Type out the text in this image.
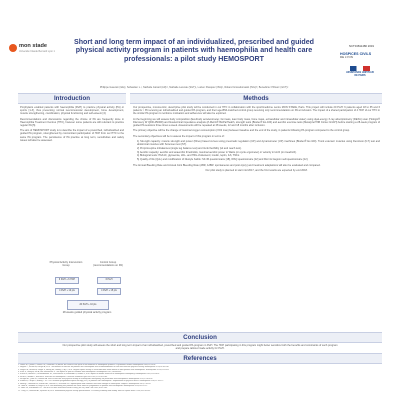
mon stade
Université Claude Bernard Lyon 1
Short and long term impact of an individualized, prescribed and guided physical activity program in patients with haemophilia and health care professionals: a pilot study HEMOSPORT
Philippe Gauvain (GE)¹, Sébastien L.¹, Nathalie Gérard (LR)¹², Nathalie Lacoste (SGT)¹, Lucien Pasquier (ISG)², Roland Grossdomaski (ISG)³², Benedicte O'Rourc (GCT)²
NCT04811480 2019
HOSPICES CIVILS
DE LYON
ASSISTANCE HÔPITAUX DE PARIS
Introduction

Prophylaxis enabled patients with haemophilia (PwH) to practice physical activity (PA) or sports [1-3], thus preventing normal neuromuscular development, bone development, muscle strengthening, coordination, physical functioning and self-esteem [4].

Recommendations and discussions regarding the choice of PA are frequently done in Haemophilia Treatment Centres (HTC), however some patients are still reluctant to practice regular PA [5].

The aim of HEMOSPORT study is to describe the impact of a prescribed, individualized and guided PA program, strengthened by concomitant participation of HCP from our HTC to the same PA program. The persistence of PA practice at long term, sensitivities and safety issues will also be assessed.

Physical Activity Intervention Group
Control Group (recommendations on PA)
6 PwH + 6 HCP	6 PwH
4 PwH + 10 pts	4 PwH + 15 pts
20 PwH + 10 pts
28 weeks guided physical activity program
Methods

Our prospective, monocentric, descriptive pilot study will be conducted in our HTC in collaboration with the sport/medicine centre MON STADE, Paris. This project will include 20 PwH: 6 patients aged 18 to 35 and 6 patients > 35 receiving an individualized and guided PA program, and their age-BMI-matched control group receiving only recommendations on PA at inclusion. The impact of a shared participation of 4 HCP of our HTC in the similar PA program to reinforce motivation and adherence will also be explored.

At the beginning we will assess body composition (Everbody accelerometer, fat mass, lean body mass, bone mass, extracellular and intracellular water) using dual-energy X-ray absorptiometry (DEXA) scan (Hologic® Discovery W QDR-4500W) and bioelectrical impedance analysis (Z-Metrix® BioParHealth, strength tests (Biodex® Ex-100) and aerobic exercise tests (Metalyzer®3B Cortex GmbH) before starting a 28-week program of guided PA sessions three times a week. Assessments will be repeated at 28 weeks, 12 and 18 months after inclusion.

The primary objective will be the change of maximal oxygen consumption (VO2 max) between baseline and the end of the study, in patients following PA program compared to the control group.

The secondary objectives will be to assess the impact of this program in terms of:

1) Strength capacity: muscle strength and power (fibres) based curves using pneumatic regulation (UP) and dynamometer (UP) machines (Biodex® Ex-100). Trunk extensor muscles using Dennison (ILT) test and abdominal muscles with Sorensen test (ST).
2) Proprioceptive imbalances (single leg balance test) and trunk flexibility (sit and reach test).
3) Aerobic capacity: aerobic and anaerobic thresholds, maximal aerobic power in Watts (on cycle ergometer) or velocity in km/h (on treadmill).
4) Biological tests: HbA1C, glycaemia, LDL- and HDL-cholesterol, insulin, leptin, IL6, TNFα.
5) Quality of life (QoL) and modification of lifestyle habits: SF-36 questionnaire [18], IPAQ questionnaire [12] and Ricci & Gagnon self-questionnaire [12].

The Annual Bleeding Rate and Annual Joint Bleeding Rate (ABR, AJBR: spontaneous and post-injury) and treatment adaptations will also be evaluated and compared.

Our pilot study is planned to start mid 2017, and the first results are expected by end 2018.

Conclusion
Our prospective pilot study will assess the short and long term impact of an individualized, prescribed and guided PA program in PwH. The HCP participating in this program might better sensitize both the benefits and constraints of such program and prepare tailored made activity for PwH.
References
1. Gomis M, Querol F, Gallach JE, Gonzalez LM, Aznar JA. Exercise and sport in the treatment of haemophilic patients: a systematic review. Haemophilia 2009;15:43-54.
2. Negrier C, Seuser A, Forsyth A, et al. The benefits of exercise for patients with haemophilia and recommendations for safe and effective physical activity. Haemophilia 2013;19:487-98.
3. Wagner B, Seuser A, Krüger S, Herzig ML, Hilberg T, Ay C, et al. Regular sports activity is associated with fewer bleeds in adult patients with haemophilia. Haemophilia 2019;25:e1-e3.
4. Khair K, Littley A, Will A, von Mackensen S. The impact of sport on children with haemophilia. Haemophilia 2012;18:898-905.
5. Kumar R, Bouskill V, Schneiderman JE, Pluscauskas M, Moineddin R, Hilliard P, et al. Impact of aerobic exercise on haemophilic arthropathy. Haemophilia 2016;22:e1-e10.
6. Strike K, Mulder K, Michael R. Exercise for haemophilia. Cochrane Database Syst Rev 2016;12:CD011180.
7. Forsyth AL, Quon DV, Konkle BA. Role of exercise and physical activity on haemophilic arthropathy, fall prevention and osteoporosis. Haemophilia 2011;17:e870-6.
8. Runkel B, Czepa D, Hilberg T. RCT of a 6-month programmed sports therapy (PST) in patients with haemophilia - improvement of physical fitness. Haemophilia 2016;22:765-71.
9. Hilberg T, Herbsleb M, Gabriel HH, Jeschke D, Schramm W. Proprioception and isometric muscular strength in haemophilic subjects. Haemophilia 2001;7:582-8.
10. Goto M, Takedani H, Haga N, et al. Self-monitoring has potential for home exercise programmes in patients with haemophilia. Haemophilia 2014;20:e121-7.
11. Ware JE, Sherbourne CD. The MOS 36-item short-form health survey (SF-36). Med Care 1992;30:473-83.
12. Craig CL, Marshall AL, Sjöström M, et al. International physical activity questionnaire: 12-country reliability and validity. Med Sci Sports Exerc 2003;35:1381-95.
